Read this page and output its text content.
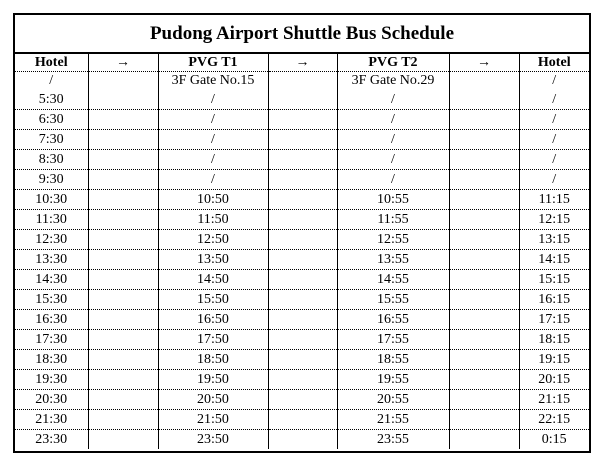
Pudong Airport Shuttle Bus Schedule
Hotel	→	PVG T1	→	PVG T2	→	Hotel
/		3F Gate No.15		3F Gate No.29		/
5:30		/		/		/
6:30		/		/		/
7:30		/		/		/
8:30		/		/		/
9:30		/		/		/
10:30		10:50		10:55		11:15
11:30		11:50		11:55		12:15
12:30		12:50		12:55		13:15
13:30		13:50		13:55		14:15
14:30		14:50		14:55		15:15
15:30		15:50		15:55		16:15
16:30		16:50		16:55		17:15
17:30		17:50		17:55		18:15
18:30		18:50		18:55		19:15
19:30		19:50		19:55		20:15
20:30		20:50		20:55		21:15
21:30		21:50		21:55		22:15
23:30		23:50		23:55		0:15
